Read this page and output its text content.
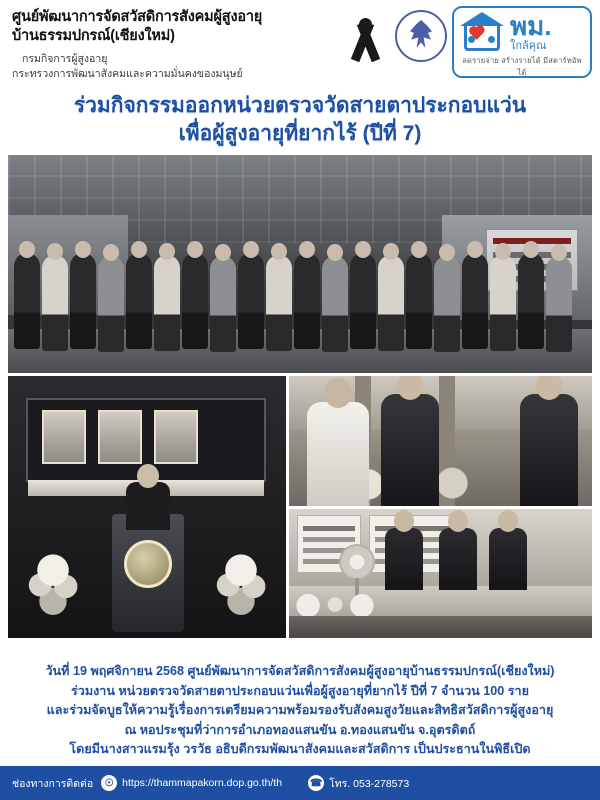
ศูนย์พัฒนาการจัดสวัสดิการสังคมผู้สูงอายุ
บ้านธรรมปกรณ์(เชียงใหม่)
กรมกิจการผู้สูงอายุ
กระทรวงการพัฒนาสังคมและความมั่นคงของมนุษย์
พม.
ใกล้คุณ
ลดรายจ่าย สร้างรายได้ มีสตาร์ทอัพได้
ร่วมกิจกรรมออกหน่วยตรวจวัดสายตาประกอบแว่น
เพื่อผู้สูงอายุที่ยากไร้ (ปีที่ 7)

วันที่ 19 พฤศจิกายน 2568 ศูนย์พัฒนาการจัดสวัสดิการสังคมผู้สูงอายุบ้านธรรมปกรณ์(เชียงใหม่)

ร่วมงาน หน่วยตรวจวัดสายตาประกอบแว่นเพื่อผู้สูงอายุที่ยากไร้ ปีที่ 7 จำนวน 100 ราย

และร่วมจัดบูธให้ความรู้เรื่องการเตรียมความพร้อมรองรับสังคมสูงวัยและสิทธิสวัสดิการผู้สูงอายุ

ณ หอประชุมที่ว่าการอำเภอทองแสนขัน อ.ทองแสนขัน จ.อุตรดิตถ์

โดยมีนางสาวแรมรุ้ง วรวัธ อธิบดีกรมพัฒนาสังคมและสวัสดิการ เป็นประธานในพิธีเปิด

ช่องทางการติดต่อ	☉ https://thammapakorn.dop.go.th/th	☎ โทร. 053-278573
